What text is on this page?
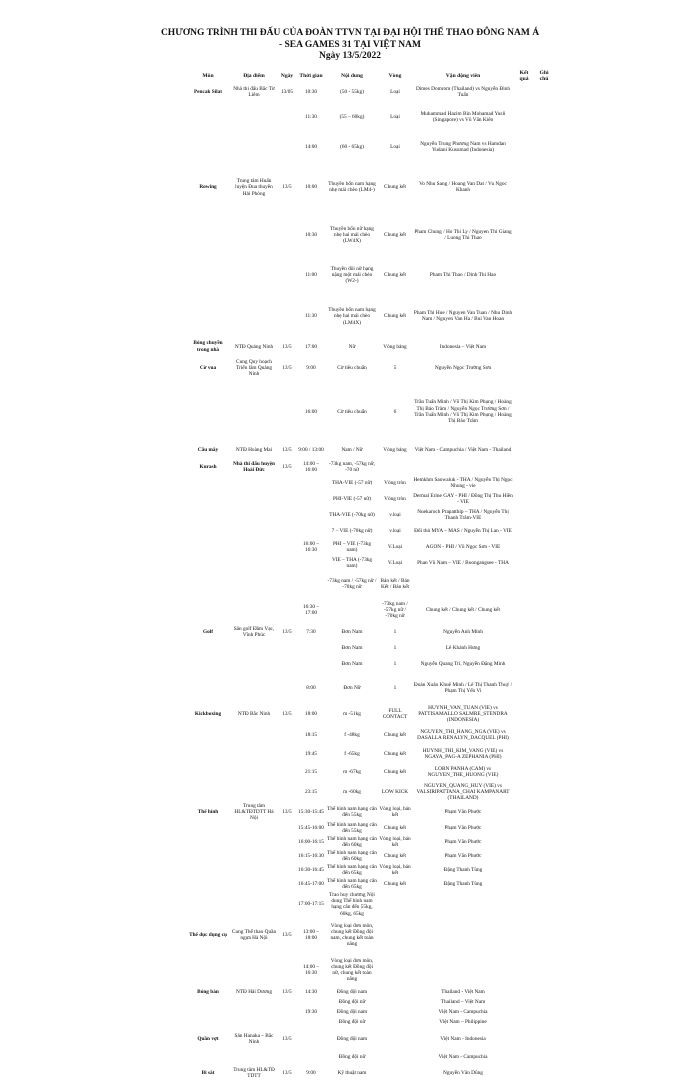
CHƯƠNG TRÌNH THI ĐẤU CỦA ĐOÀN TTVN TẠI ĐẠI HỘI THỂ THAO ĐÔNG NAM Á
- SEA GAMES 31 TẠI VIỆT NAM
Ngày 13/5/2022
Môn	Địa điểm	Ngày	Thời gian	Nội dung	Vòng	Vận động viên	Kết quả	Ghi chú
Pencak Silat	Nhà thi đấu Bắc Từ Liêm	13/05	10:30	(50 - 55kg)	Loại	Dimes Domrom (Thailand) vs Nguyễn Đình Tuấn		
			11:30	(55 – 60kg)	Loại	Muhammad Hazim Bin Mohamad Yusli (Singapore) vs Vũ Văn Kiên		
			14:00	(60 - 65kg)	Loại	Nguyễn Trung Phương Nam vs Hamdan Yudani Kusumad (Indonesia)		
Rowing	Trung tâm Huấn luyện Đua thuyền Hải Phòng	13/5	10:00	Thuyền bốn nam hạng nhẹ mái chèo (LM4-)	Chung kết	Vo Nhu Sang / Hoang Van Dat / Vu Ngoc Khanh		
			10:30	Thuyền bốn nữ hạng nhẹ hai mái chèo (LW4X)	Chung kết	Pham Chung / Ho Thi Ly / Nguyen Thi Giang / Luong Thi Thao		
			11:00	Thuyền đôi nữ hạng nặng một mái chèo (W2-)	Chung kết	Pham Thi Thao / Dinh Thi Hao		
			11:30	Thuyền bốn nam hạng nhẹ hai mái chèo (LM4X)	Chung kết	Pham Thi Hue / Nguyen Van Tuan / Nhu Dinh Nam / Nguyen Van Ha / Bui Van Hoan		
Bóng chuyền trong nhà	NTĐ Quảng Ninh	13/5	17:00	Nữ	Vòng bảng	Indonesia – Việt Nam		
Cờ vua	Cung Quy hoạch Triển lãm Quảng Ninh	13/5	9:00	Cờ tiêu chuẩn	5	Nguyễn Ngọc Trường Sơn		
			16:00	Cờ tiêu chuẩn	6	Trần Tuấn Minh / Võ Thị Kim Phụng / Hoàng Thị Bảo Trâm / Nguyễn Ngọc Trường Sơn / Trần Tuấn Minh / Võ Thị Kim Phụng / Hoàng Thị Bảo Trâm		
Cầu mây	NTĐ Hoàng Mai	13/5	9:00 / 13:00	Nam / Nữ	Vòng bảng	Việt Nam - Campuchia / Việt Nam - Thailand		
Kurash	Nhà thi đấu huyện Hoài Đức	13/5	14:00 – 16:00	-73kg nam, -57kg nữ, -70 nữ				
				THA-VIE (-57 nữ)	Vòng tròn	Hemkhm Saowaluk - THA / Nguyễn Thị Ngọc Nhung - vie		
				PHI-VIE (-57 nữ)	Vòng tròn	Dermal Erine GAY - PHI / Đồng Thị Thu Hiền - VIE		
				THA-VIE (-70kg nữ)	v.loại	Nuekaroch Prapatthip – THA / Nguyễn Thị Thanh Trâm-VIE		
				7 – VIE (-70kg nữ)	v.loại	Đối thủ MYA – MAS / Nguyễn Thị Lan - VIE		
			16:00 – 16:30	PHI – VIE (-73kg nam)	V.Loại	AGON - PHI / Vũ Ngọc Sơn - VIE		
				VIE – THA (-73kg nam)	V.Loại	Phan Vũ Nam – VIE / Boongangsee - THA		
				-73kg nam / -57kg nữ / -70kg nữ	Bán kết / Bán Kết / Bán kết			
			16:30 – 17:00		-73kg nam / -57kg nữ / -70kg nữ	Chung kết / Chung kết / Chung kết		
Golf	Sân golf Đầm Vạc, Vĩnh Phúc	13/5	7:30	Đơn Nam	1	Nguyễn Anh Minh		
				Đơn Nam	1	Lê Khánh Hưng		
				Đơn Nam	1	Nguyễn Quang Trí, Nguyễn Đặng Minh		
			8:00	Đơn Nữ	1	Đoàn Xuân Khuê Minh / Lê Thị Thanh Thuỷ / Phạm Thị Yến Vi		
Kickboxing	NTĐ Bắc Ninh	13/5	18:00	m -51kg	FULL CONTACT	HUYNH_VAN_TUAN (VIE) vs PATTISAMALLO SALMRE_STENDRA (INDONESIA)		
			18:15	f -48kg	Chung kết	NGUYEN_THI_HANG_NGA (VIE) vs DASALLA RENALYN_DACQUEL (PHI)		
			19:45	f -65kg	Chung kết	HUYNH_THI_KIM_VANG (VIE) vs NGAYA_PAG-A ZEPHANIA (PHI)		
			21:15	m -67kg	Chung kết	LORN PANHA (CAM) vs NGUYEN_THE_HUONG (VIE)		
			23:15	m -60kg	LOW KICK	NGUYEN_QUANG_HUY (VIE) vs VALSIRIPATTANA_CHAI KAMPANART (THAILAND)		
Thể hình	Trung tâm HL&TĐTDTT Hà Nội	13/5	15:30-15:45	Thể hình nam hạng cân đến 55kg	Vòng loại, bán kết	Phạm Văn Phước		
			15:45-16:00	Thể hình nam hạng cân đến 55kg	Chung kết	Phạm Văn Phước		
			16:00-16:15	Thể hình nam hạng cân đến 60kg	Vòng loại, bán kết	Phạm Văn Phước		
			16:15-16:30	Thể hình nam hạng cân đến 60kg	Chung kết	Phạm Văn Phước		
			16:30-16:45	Thể hình nam hạng cân đến 65kg	Vòng loại, bán kết	Đặng Thanh Tùng		
			16:45-17:00	Thể hình nam hạng cân đến 65kg	Chung kết	Đặng Thanh Tùng		
			17:00-17:15	Trao huy chương Nội dung Thể hình nam hạng cân đến 55kg, 60kg, 65kg				
Thể dục dụng cụ	Cung Thể thao Quần ngựa Hà Nội	13/5	13:00 – 18:00	Vòng loại đơn môn, chung kết Đồng đội nam, chung kết toàn năng				
			14:00 – 16:30	Vòng loại đơn môn, chung kết Đồng đội nữ, chung kết toàn năng				
Bóng bàn	NTĐ Hải Dương	13/5	14:30	Đồng đội nam		Thailand - Việt Nam		
				Đồng đội nữ		Thailand – Việt Nam		
			19:30	Đồng đội nam		Việt Nam - Campuchia		
				Đồng đội nữ		Việt Nam – Philippine		
Quần vợt	Sân Hanaka – Bắc Ninh	13/5		Đồng đội nam		Việt Nam - Indonesia		
				Đồng đội nữ		Việt Nam - Campuchia		
Bi sắt	Trung tâm HL&TĐ TDTT	13/5	9:00	Kỹ thuật nam		Nguyễn Văn Dũng		
